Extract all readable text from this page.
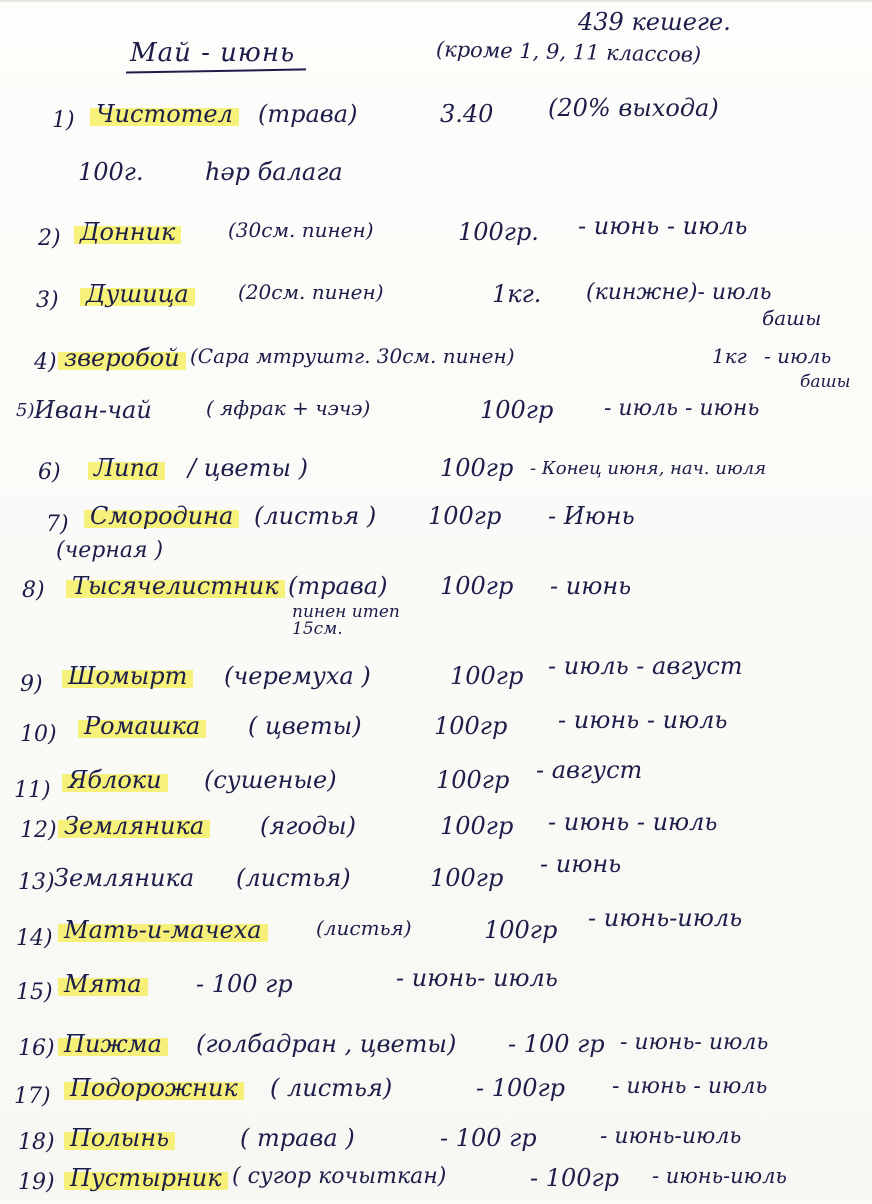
Май - июнь
439 кешеге.
(кроме 1, 9, 11 классов)
1) Чистотел (трава)	3.40 (20% выхода)
100г.	һәр балага
2) Донник	(30см. пинен)	100гр. - июнь - июль
3) Душица	(20см. пинен)	1кг. (кинжне)- июль
башы
4) зверобой (Сара мтруштг. 30см. пинен)	1кг - июль
башы
5) Иван-чай	( яфрак + чэчэ)	100гр - июль - июнь
6) Липа / цветы )	100гр - Конец июня, нач. июля
7) Смородина (листья ) 100гр - Июнь
(черная )
8) Тысячелистник (трава) 100гр - июнь
пинен итеп 15см.
9) Шомырт (черемуха )	100гр - июль - август
10) Ромашка ( цветы)	100гр - июнь - июль
11) Яблоки (сушеные)	100гр - август
12) Земляника (ягоды)	100гр - июнь - июль
13) Земляника (листья)	100гр - июнь
14) Мать-и-мачеха	(листья)	100гр - июнь-июль
15) Мята - 100 гр	- июнь- июль
16) Пижма (голбадран , цветы) - 100 гр - июнь- июль
17) Подорожник ( листья)	- 100гр - июнь - июль
18) Полынь	( трава )	- 100 гр	- июнь-июль
19) Пустырник ( сугор кочыткан)	- 100гр - июнь-июль
